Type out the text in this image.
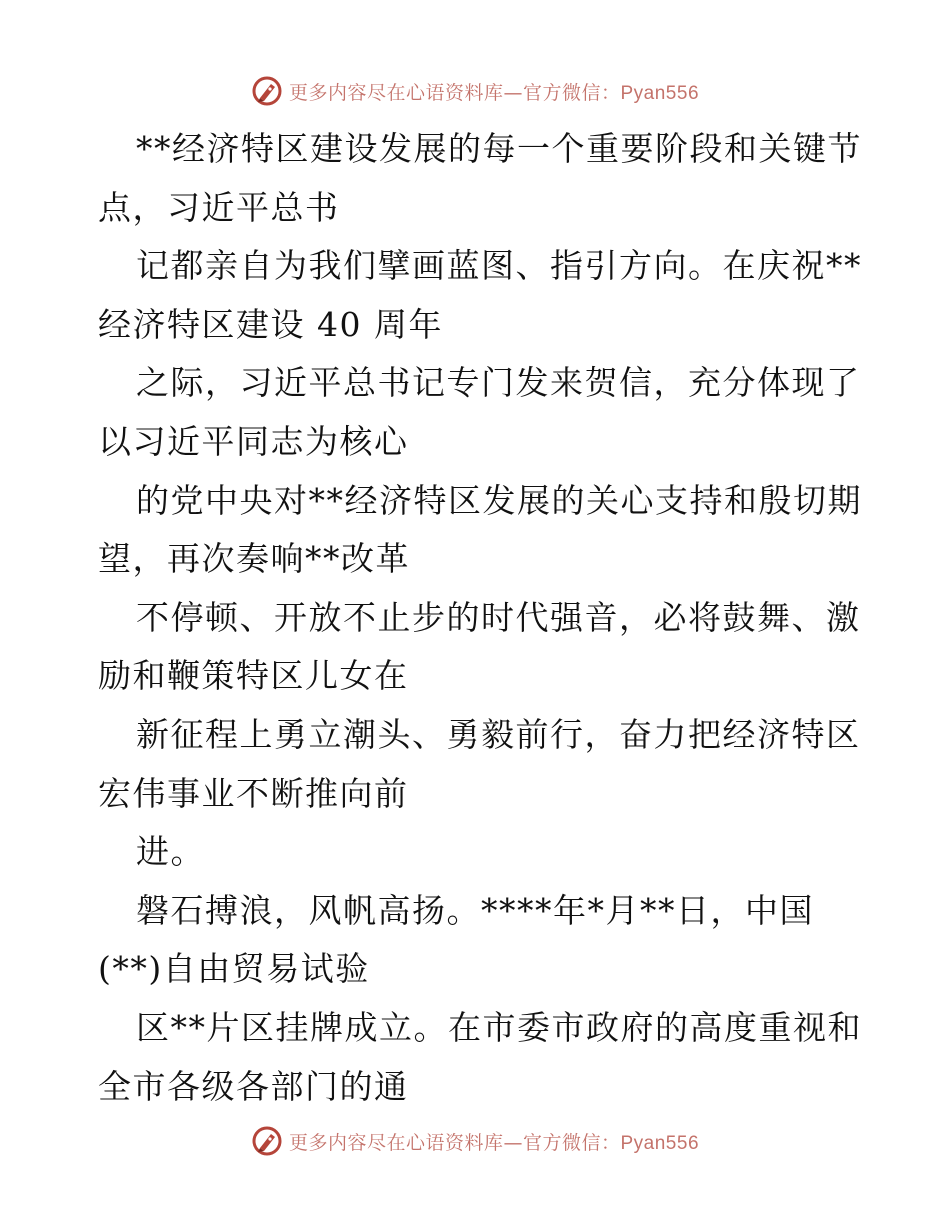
更多内容尽在心语资料库—官方微信：Pyan556
**经济特区建设发展的每一个重要阶段和关键节
点，习近平总书
记都亲自为我们擘画蓝图、指引方向。在庆祝**
经济特区建设 40 周年
之际，习近平总书记专门发来贺信，充分体现了
以习近平同志为核心
的党中央对**经济特区发展的关心支持和殷切期
望，再次奏响**改革
不停顿、开放不止步的时代强音，必将鼓舞、激
励和鞭策特区儿女在
新征程上勇立潮头、勇毅前行，奋力把经济特区
宏伟事业不断推向前
进。
磐石搏浪，风帆高扬。****年*月**日，中国
(**)自由贸易试验
区**片区挂牌成立。在市委市政府的高度重视和
全市各级各部门的通
更多内容尽在心语资料库—官方微信：Pyan556
